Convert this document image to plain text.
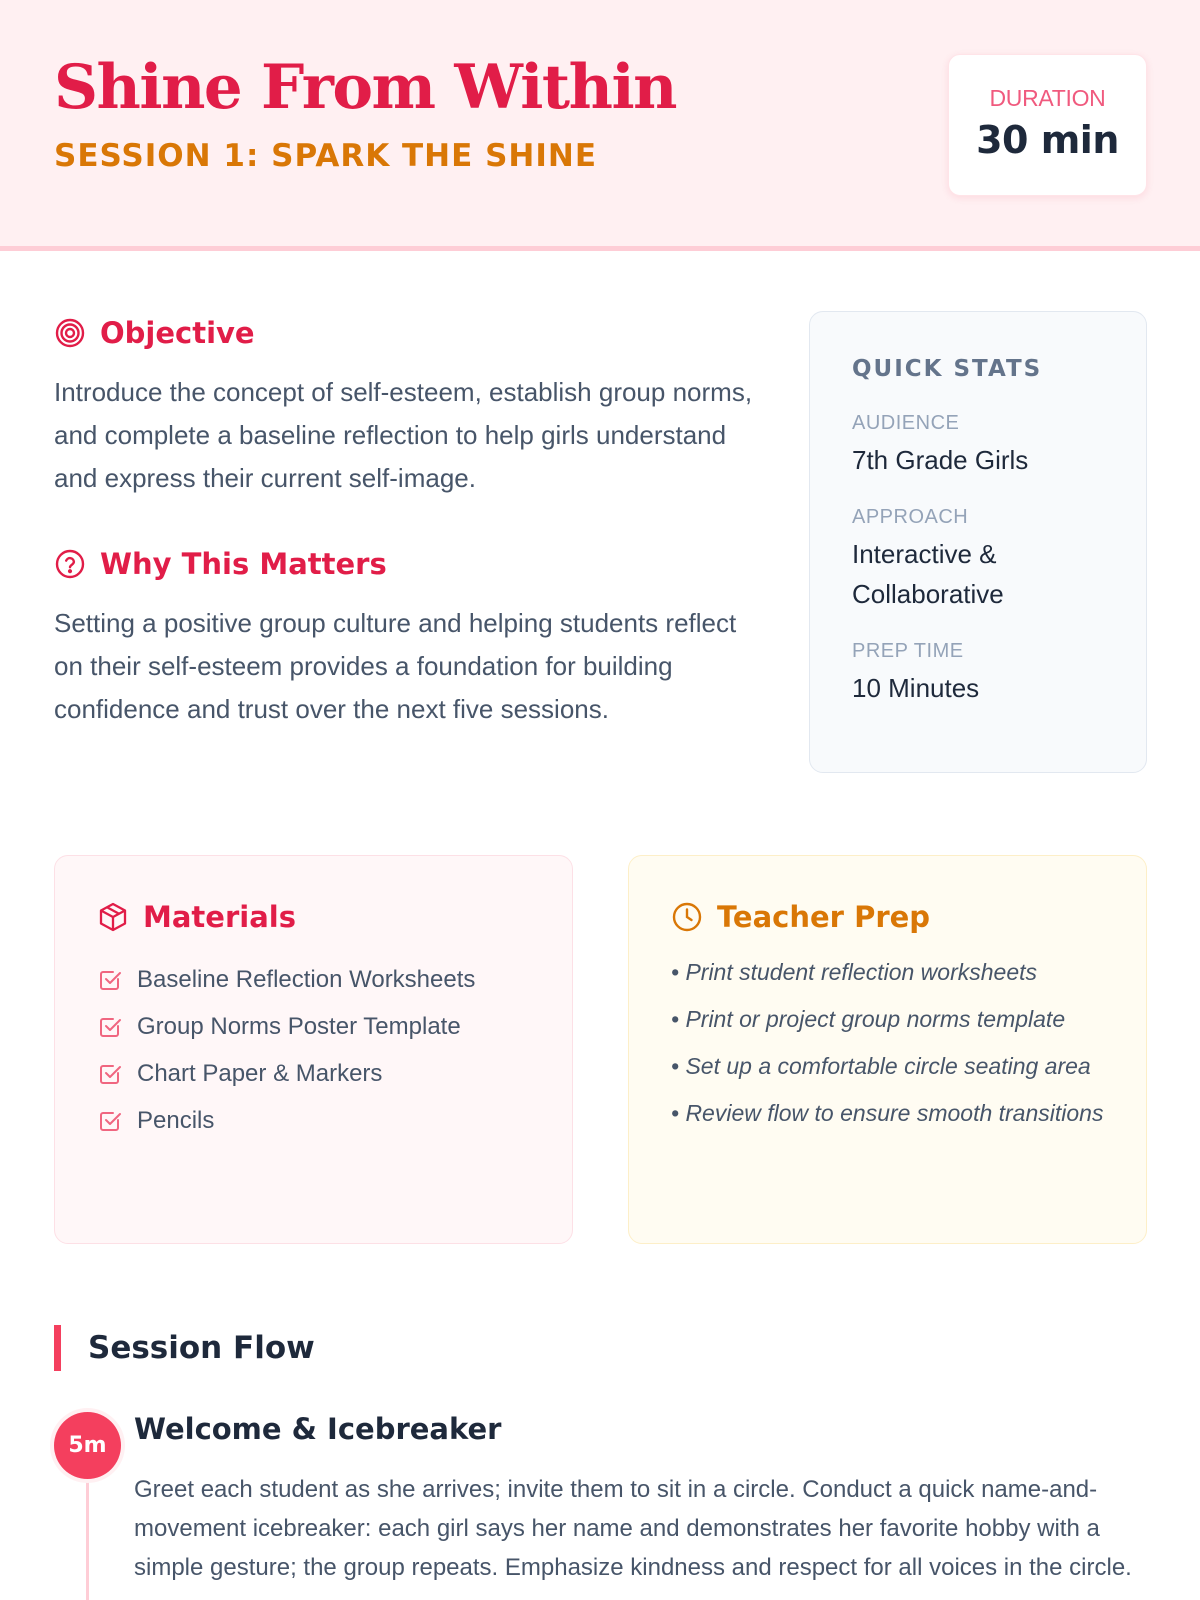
Shine From Within
SESSION 1: SPARK THE SHINE
DURATION
30 min
Objective

Introduce the concept of self-esteem, establish group norms, and complete a baseline reflection to help girls understand and express their current self-image.

Why This Matters

Setting a positive group culture and helping students reflect on their self-esteem provides a foundation for building confidence and trust over the next five sessions.

QUICK STATS
AUDIENCE
7th Grade Girls
APPROACH
Interactive & Collaborative
PREP TIME
10 Minutes
Materials
Baseline Reflection Worksheets
Group Norms Poster Template
Chart Paper & Markers
Pencils
Teacher Prep
• Print student reflection worksheets
• Print or project group norms template
• Set up a comfortable circle seating area
• Review flow to ensure smooth transitions
Session Flow
5m Welcome & Icebreaker

Greet each student as she arrives; invite them to sit in a circle. Conduct a quick name-and-movement icebreaker: each girl says her name and demonstrates her favorite hobby with a simple gesture; the group repeats. Emphasize kindness and respect for all voices in the circle.
